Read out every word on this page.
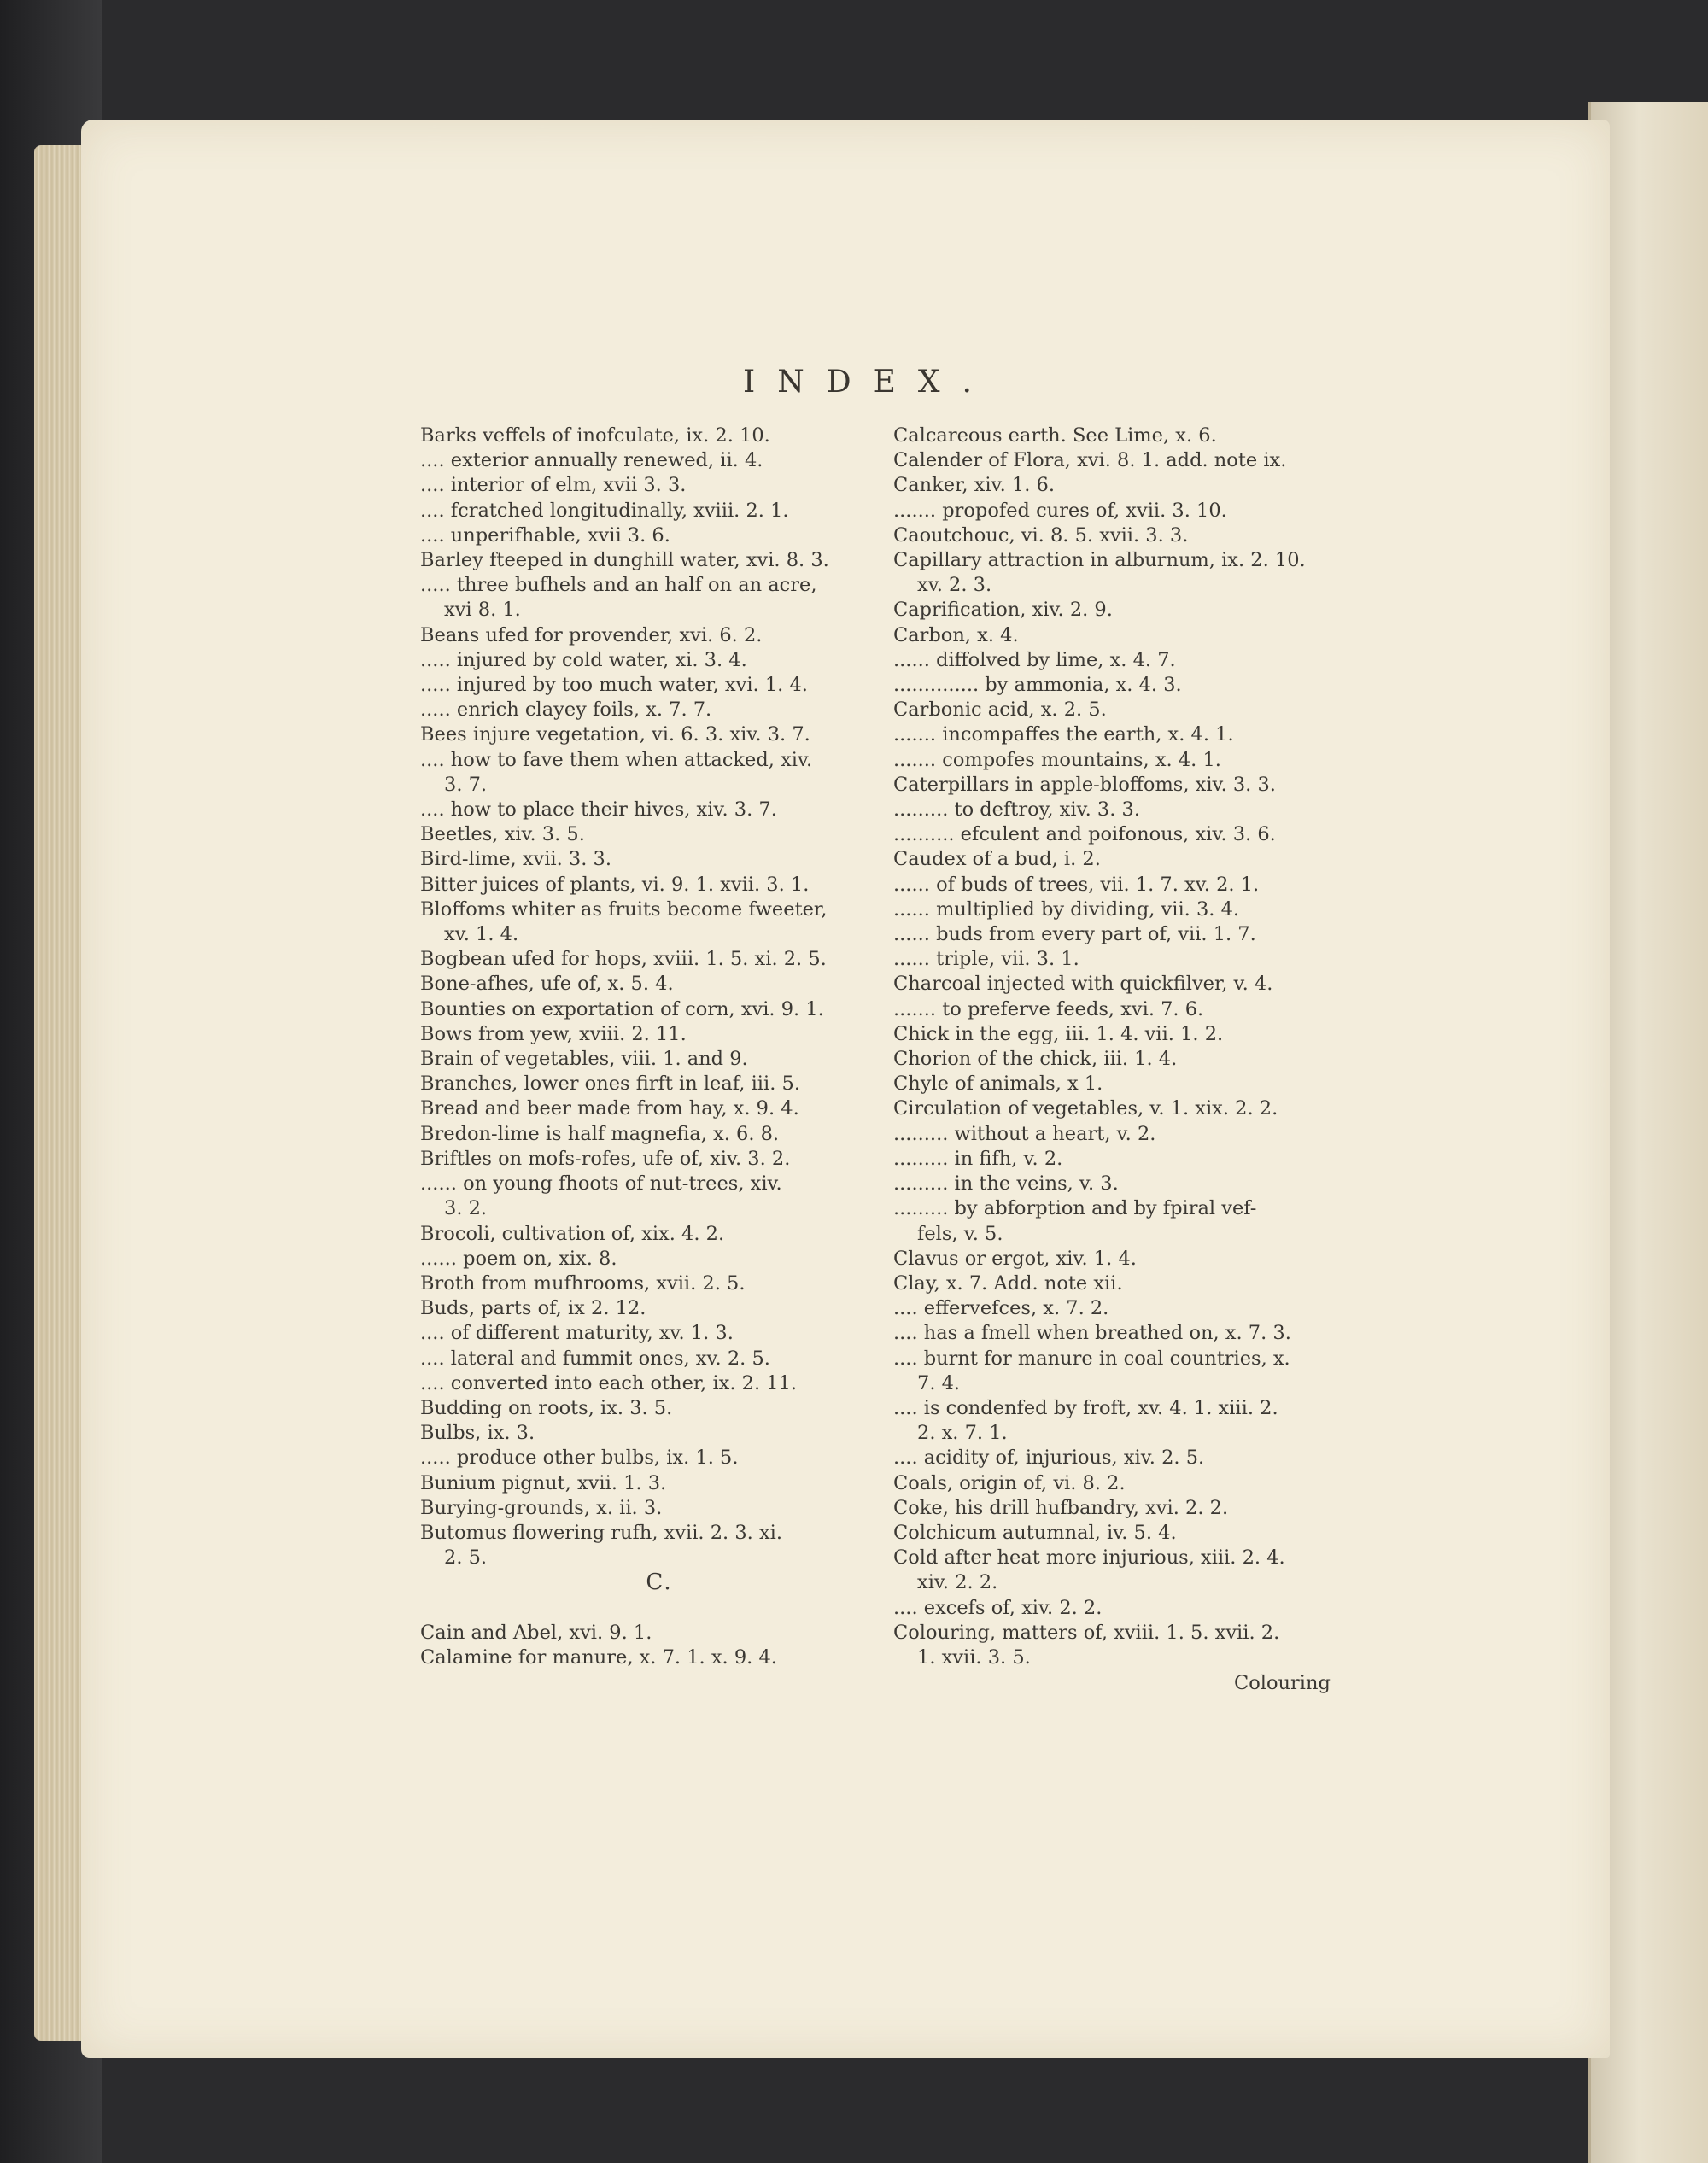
INDEX.

Barks veffels of inofculate, ix. 2. 10.

.... exterior annually renewed, ii. 4.

.... interior of elm, xvii 3. 3.

.... fcratched longitudinally, xviii. 2. 1.

.... unperifhable, xvii 3. 6.

Barley fteeped in dunghill water, xvi. 8. 3.

..... three bufhels and an half on an acre,

xvi 8. 1.

Beans ufed for provender, xvi. 6. 2.

..... injured by cold water, xi. 3. 4.

..... injured by too much water, xvi. 1. 4.

..... enrich clayey foils, x. 7. 7.

Bees injure vegetation, vi. 6. 3. xiv. 3. 7.

.... how to fave them when attacked, xiv.

3. 7.

.... how to place their hives, xiv. 3. 7.

Beetles, xiv. 3. 5.

Bird-lime, xvii. 3. 3.

Bitter juices of plants, vi. 9. 1. xvii. 3. 1.

Bloffoms whiter as fruits become fweeter,

xv. 1. 4.

Bogbean ufed for hops, xviii. 1. 5. xi. 2. 5.

Bone-afhes, ufe of, x. 5. 4.

Bounties on exportation of corn, xvi. 9. 1.

Bows from yew, xviii. 2. 11.

Brain of vegetables, viii. 1. and 9.

Branches, lower ones firft in leaf, iii. 5.

Bread and beer made from hay, x. 9. 4.

Bredon-lime is half magnefia, x. 6. 8.

Briftles on mofs-rofes, ufe of, xiv. 3. 2.

...... on young fhoots of nut-trees, xiv.

3. 2.

Brocoli, cultivation of, xix. 4. 2.

...... poem on, xix. 8.

Broth from mufhrooms, xvii. 2. 5.

Buds, parts of, ix 2. 12.

.... of different maturity, xv. 1. 3.

.... lateral and fummit ones, xv. 2. 5.

.... converted into each other, ix. 2. 11.

Budding on roots, ix. 3. 5.

Bulbs, ix. 3.

..... produce other bulbs, ix. 1. 5.

Bunium pignut, xvii. 1. 3.

Burying-grounds, x. ii. 3.

Butomus flowering rufh, xvii. 2. 3. xi.

2. 5.

C.

Cain and Abel, xvi. 9. 1.

Calamine for manure, x. 7. 1. x. 9. 4.

Calcareous earth. See Lime, x. 6.

Calender of Flora, xvi. 8. 1. add. note ix.

Canker, xiv. 1. 6.

....... propofed cures of, xvii. 3. 10.

Caoutchouc, vi. 8. 5. xvii. 3. 3.

Capillary attraction in alburnum, ix. 2. 10.

xv. 2. 3.

Caprification, xiv. 2. 9.

Carbon, x. 4.

...... diffolved by lime, x. 4. 7.

.............. by ammonia, x. 4. 3.

Carbonic acid, x. 2. 5.

....... incompaffes the earth, x. 4. 1.

....... compofes mountains, x. 4. 1.

Caterpillars in apple-bloffoms, xiv. 3. 3.

......... to deftroy, xiv. 3. 3.

.......... efculent and poifonous, xiv. 3. 6.

Caudex of a bud, i. 2.

...... of buds of trees, vii. 1. 7. xv. 2. 1.

...... multiplied by dividing, vii. 3. 4.

...... buds from every part of, vii. 1. 7.

...... triple, vii. 3. 1.

Charcoal injected with quickfilver, v. 4.

....... to preferve feeds, xvi. 7. 6.

Chick in the egg, iii. 1. 4. vii. 1. 2.

Chorion of the chick, iii. 1. 4.

Chyle of animals, x 1.

Circulation of vegetables, v. 1. xix. 2. 2.

......... without a heart, v. 2.

......... in fifh, v. 2.

......... in the veins, v. 3.

......... by abforption and by fpiral vef-

fels, v. 5.

Clavus or ergot, xiv. 1. 4.

Clay, x. 7. Add. note xii.

.... effervefces, x. 7. 2.

.... has a fmell when breathed on, x. 7. 3.

.... burnt for manure in coal countries, x.

7. 4.

.... is condenfed by froft, xv. 4. 1. xiii. 2.

2. x. 7. 1.

.... acidity of, injurious, xiv. 2. 5.

Coals, origin of, vi. 8. 2.

Coke, his drill hufbandry, xvi. 2. 2.

Colchicum autumnal, iv. 5. 4.

Cold after heat more injurious, xiii. 2. 4.

xiv. 2. 2.

.... excefs of, xiv. 2. 2.

Colouring, matters of, xviii. 1. 5. xvii. 2.

1. xvii. 3. 5.

Colouring
